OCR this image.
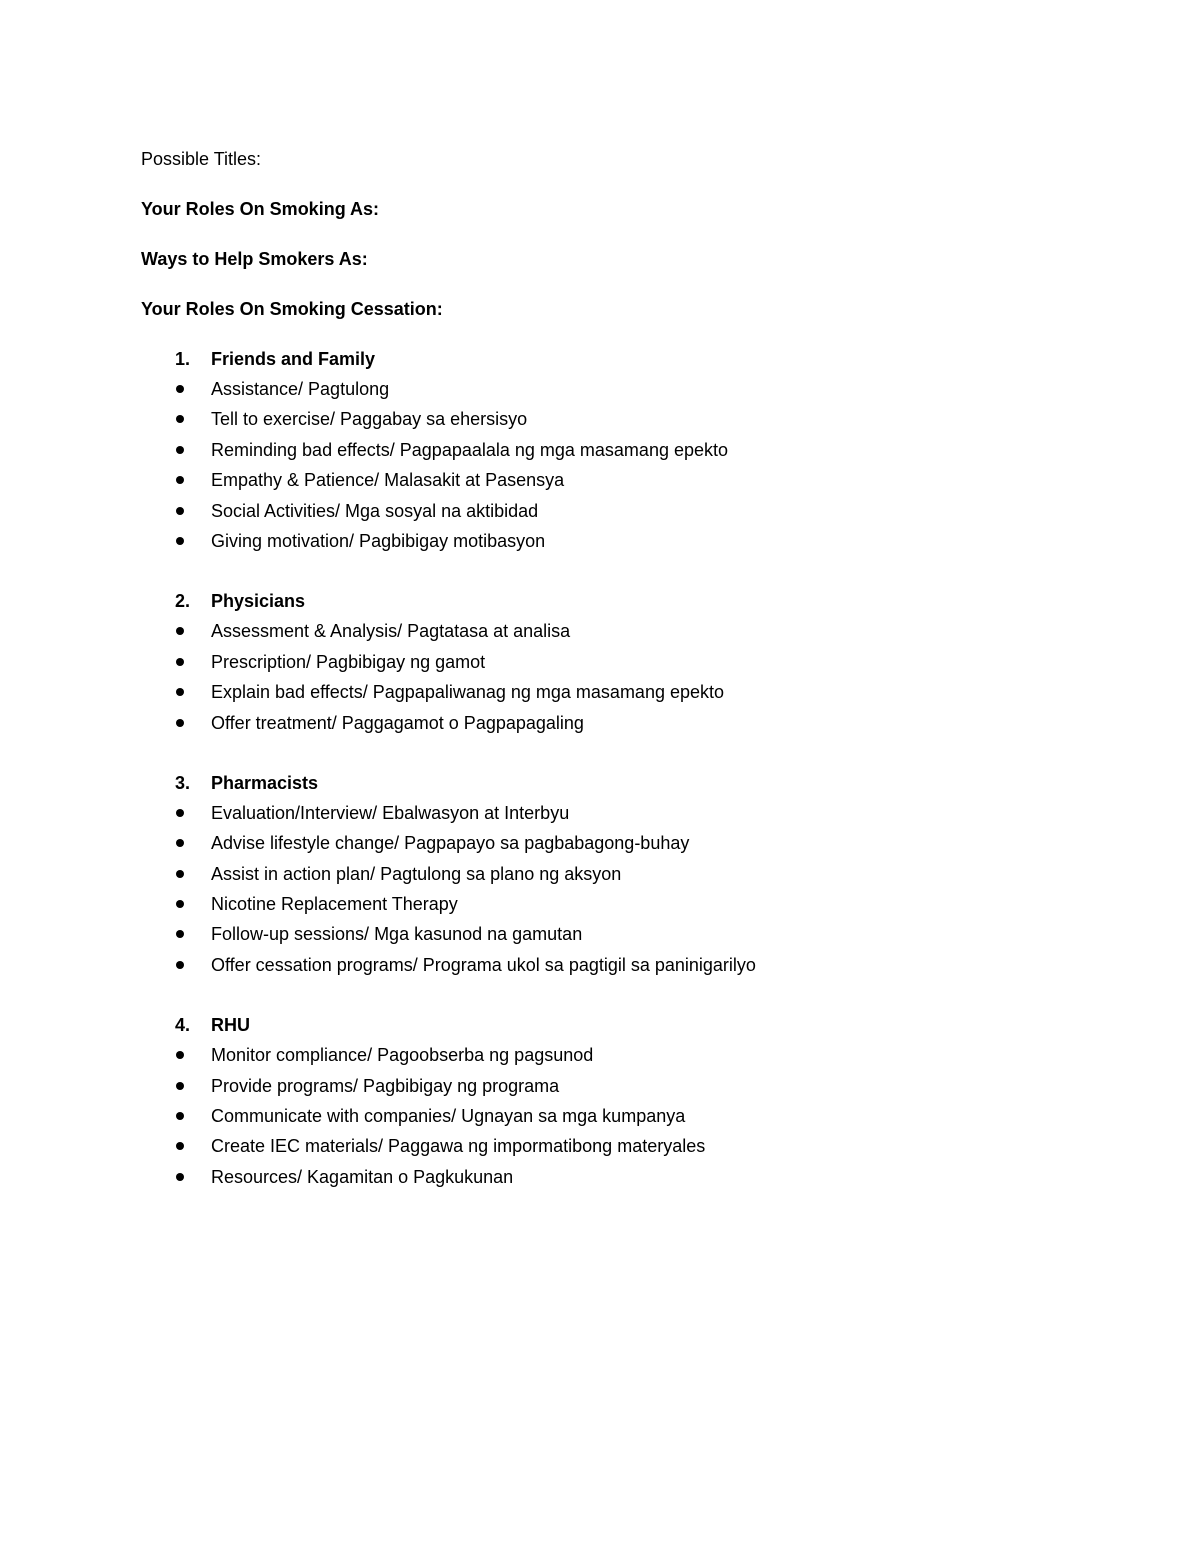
Possible Titles:
Your Roles On Smoking As:
Ways to Help Smokers As:
Your Roles On Smoking Cessation:
1.	Friends and Family
Assistance/ Pagtulong
Tell to exercise/ Paggabay sa ehersisyo
Reminding bad effects/ Pagpapaalala ng mga masamang epekto
Empathy & Patience/ Malasakit at Pasensya
Social Activities/ Mga sosyal na aktibidad
Giving motivation/ Pagbibigay motibasyon
2.	Physicians
Assessment & Analysis/ Pagtatasa at analisa
Prescription/ Pagbibigay ng gamot
Explain bad effects/ Pagpapaliwanag ng mga masamang epekto
Offer treatment/ Paggagamot o Pagpapagaling
3.	Pharmacists
Evaluation/Interview/ Ebalwasyon at Interbyu
Advise lifestyle change/ Pagpapayo sa pagbabagong-buhay
Assist in action plan/ Pagtulong sa plano ng aksyon
Nicotine Replacement Therapy
Follow-up sessions/ Mga kasunod na gamutan
Offer cessation programs/ Programa ukol sa pagtigil sa paninigarilyo
4.	RHU
Monitor compliance/ Pagoobserba ng pagsunod
Provide programs/ Pagbibigay ng programa
Communicate with companies/ Ugnayan sa mga kumpanya
Create IEC materials/ Paggawa ng impormatibong materyales
Resources/ Kagamitan o Pagkukunan
